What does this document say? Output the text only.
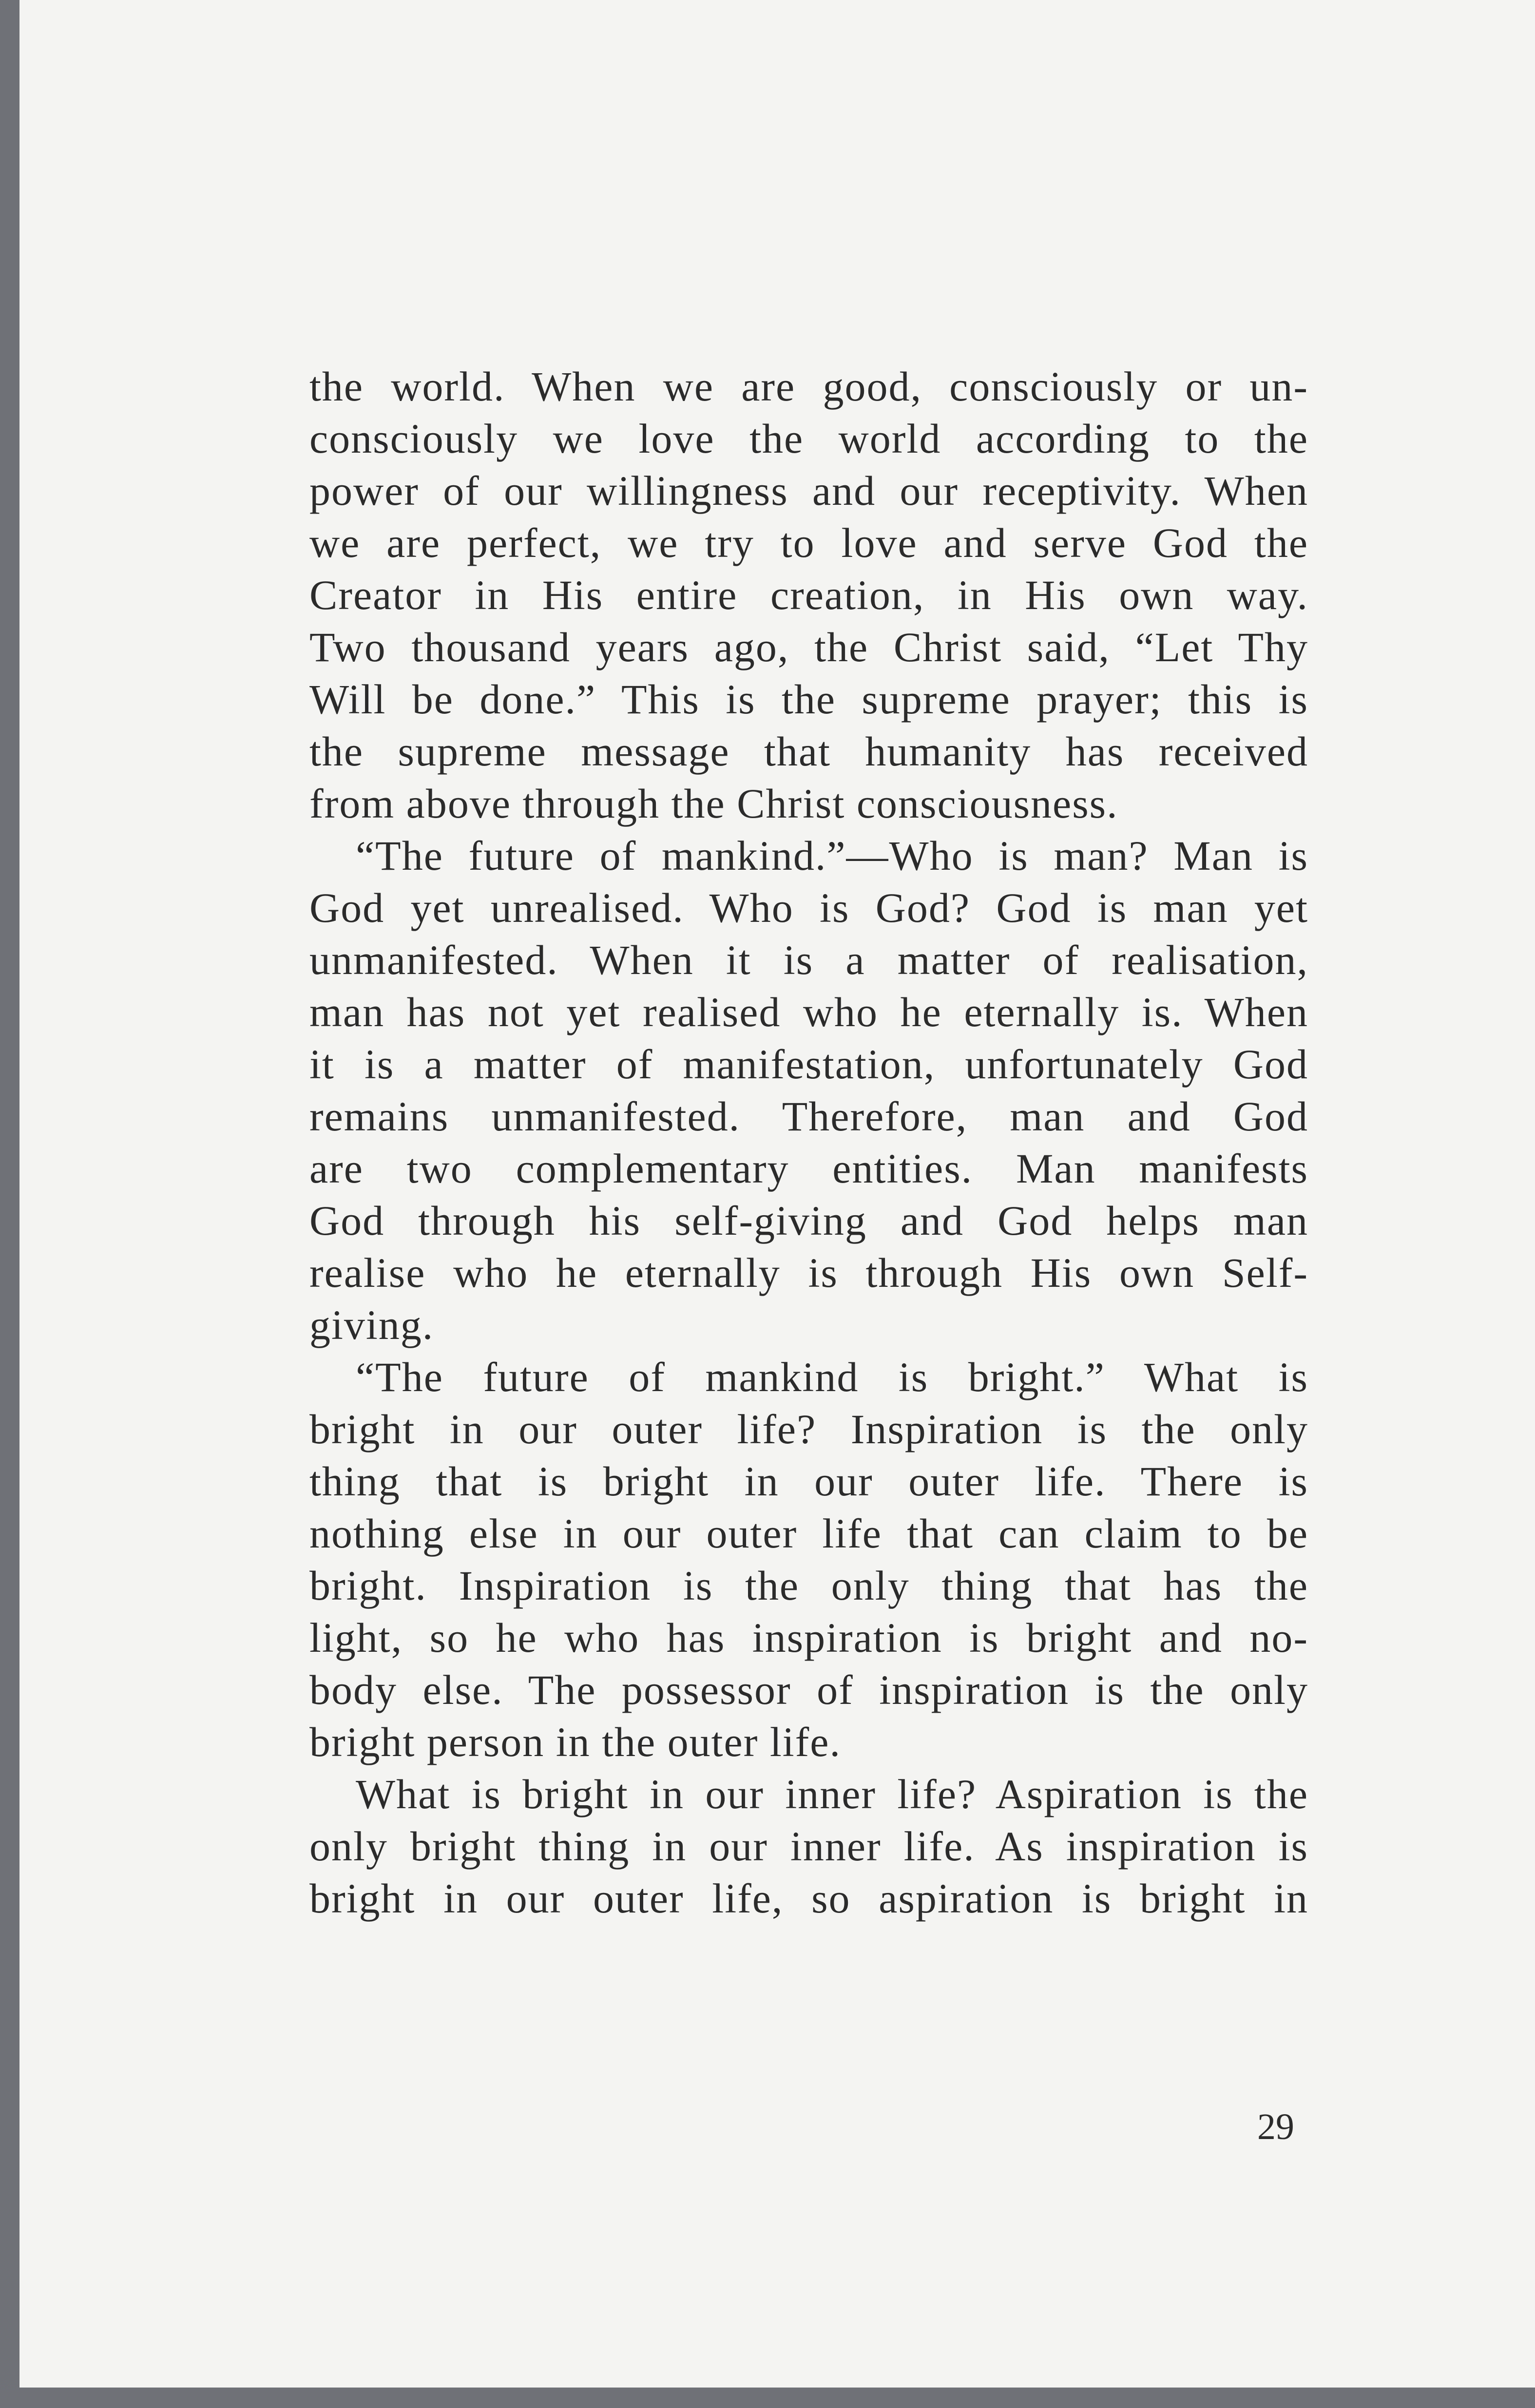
the world. When we are good, consciously or un-
consciously we love the world according to the
power of our willingness and our receptivity. When
we are perfect, we try to love and serve God the
Creator in His entire creation, in His own way.
Two thousand years ago, the Christ said, “Let Thy
Will be done.” This is the supreme prayer; this is
the supreme message that humanity has received
from above through the Christ consciousness.
“The future of mankind.”—Who is man? Man is
God yet unrealised. Who is God? God is man yet
unmanifested. When it is a matter of realisation,
man has not yet realised who he eternally is. When
it is a matter of manifestation, unfortunately God
remains unmanifested. Therefore, man and God
are two complementary entities. Man manifests
God through his self-giving and God helps man
realise who he eternally is through His own Self-
giving.
“The future of mankind is bright.” What is
bright in our outer life? Inspiration is the only
thing that is bright in our outer life. There is
nothing else in our outer life that can claim to be
bright. Inspiration is the only thing that has the
light, so he who has inspiration is bright and no-
body else. The possessor of inspiration is the only
bright person in the outer life.
What is bright in our inner life? Aspiration is the
only bright thing in our inner life. As inspiration is
bright in our outer life, so aspiration is bright in
29
